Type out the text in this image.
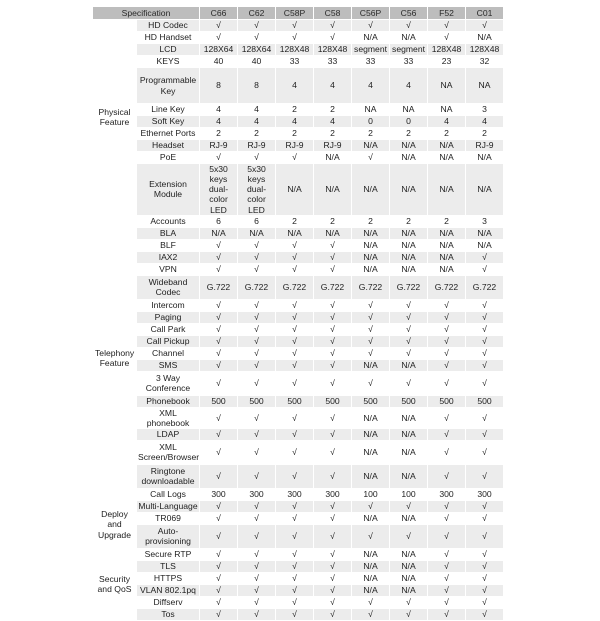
Specification		C66	C62	C58P	C58	C56P	C56	F52	C01
Physical Feature	HD Codec	√	√	√	√	√	√	√	√
	HD Handset	√	√	√	√	N/A	N/A	√	N/A
	LCD	128X64	128X64	128X48	128X48	segment	segment	128X48	128X48
	KEYS	40	40	33	33	33	33	23	32
	Programmable Key	8	8	4	4	4	4	NA	NA
	Line Key	4	4	2	2	NA	NA	NA	3
	Soft Key	4	4	4	4	0	0	4	4
	Ethernet Ports	2	2	2	2	2	2	2	2
	Headset	RJ-9	RJ-9	RJ-9	RJ-9	N/A	N/A	N/A	RJ-9
	PoE	√	√	√	N/A	√	N/A	N/A	N/A
	Extension Module	5x30 keys dual-color LED	5x30 keys dual-color LED	N/A	N/A	N/A	N/A	N/A	N/A
Telephony Feature	Accounts	6	6	2	2	2	2	2	3
	BLA	N/A	N/A	N/A	N/A	N/A	N/A	N/A	N/A
	BLF	√	√	√	√	N/A	N/A	N/A	N/A
	IAX2	√	√	√	√	N/A	N/A	N/A	√
	VPN	√	√	√	√	N/A	N/A	N/A	√
	Wideband Codec	G.722	G.722	G.722	G.722	G.722	G.722	G.722	G.722
	Intercom	√	√	√	√	√	√	√	√
	Paging	√	√	√	√	√	√	√	√
	Call Park	√	√	√	√	√	√	√	√
	Call Pickup	√	√	√	√	√	√	√	√
	Channel	√	√	√	√	√	√	√	√
	SMS	√	√	√	√	N/A	N/A	√	√
	3 Way Conference	√	√	√	√	√	√	√	√
	Phonebook	500	500	500	500	500	500	500	500
	XML phonebook	√	√	√	√	N/A	N/A	√	√
	LDAP	√	√	√	√	N/A	N/A	√	√
	XML Screen/Browser	√	√	√	√	N/A	N/A	√	√
	Ringtone downloadable	√	√	√	√	N/A	N/A	√	√
	Call Logs	300	300	300	300	100	100	300	300
Deploy and Upgrade	Multi-Language	√	√	√	√	√	√	√	√
	TR069	√	√	√	√	N/A	N/A	√	√
	Auto-provisioning	√	√	√	√	√	√	√	√
Security and QoS	Secure RTP	√	√	√	√	N/A	N/A	√	√
	TLS	√	√	√	√	N/A	N/A	√	√
	HTTPS	√	√	√	√	N/A	N/A	√	√
	VLAN 802.1pq	√	√	√	√	N/A	N/A	√	√
	Diffserv	√	√	√	√	√	√	√	√
	Tos	√	√	√	√	√	√	√	√
